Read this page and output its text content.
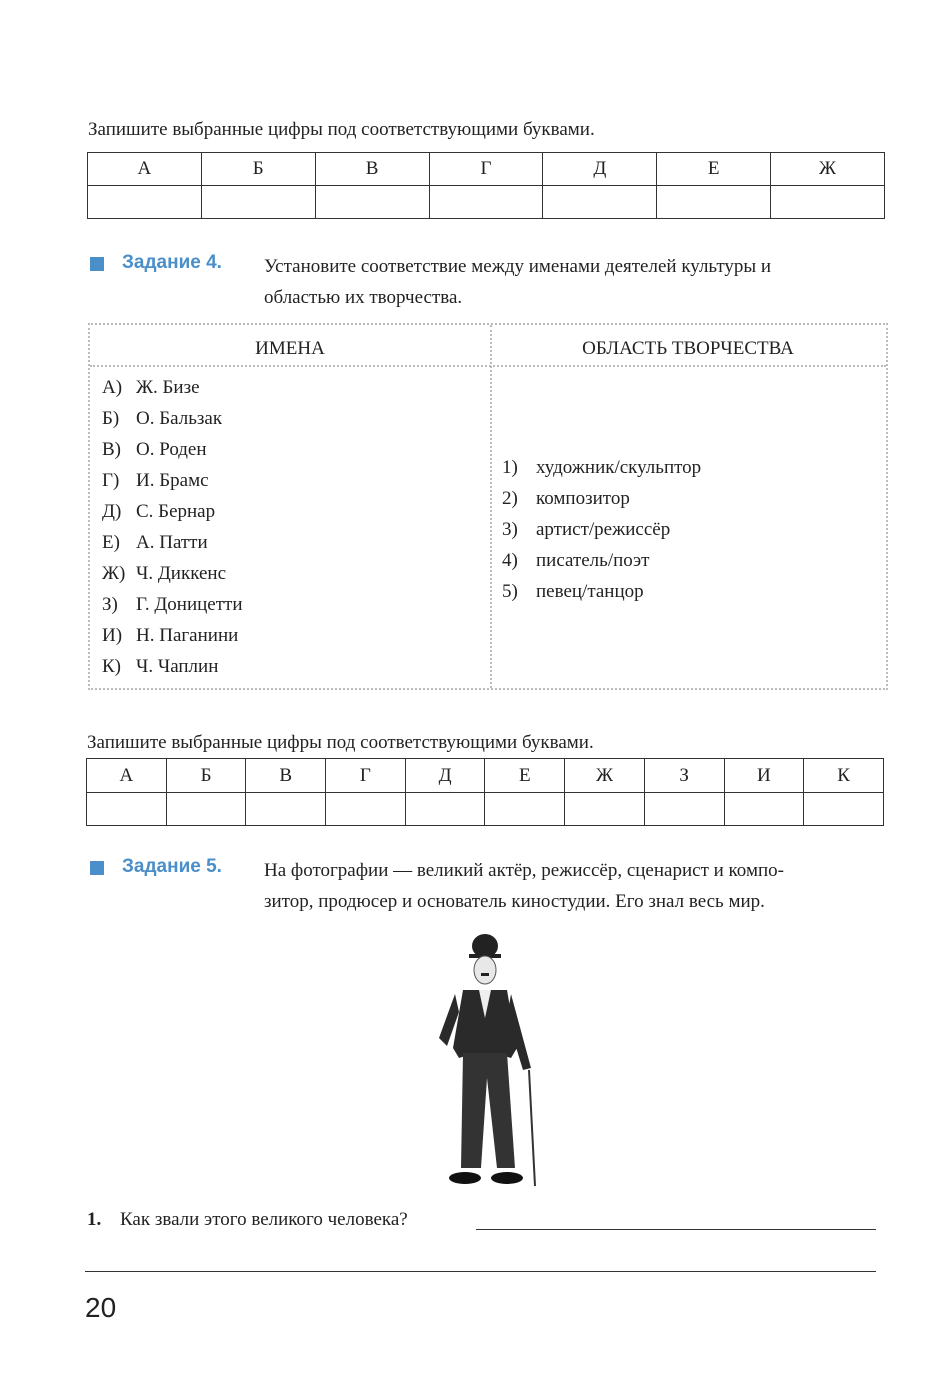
Запишите выбранные цифры под соответствующими буквами.
А	Б	В	Г	Д	Е	Ж

Задание 4. Установите соответствие между именами деятелей культуры и
областью их творчества.
ИМЕНА	ОБЛАСТЬ ТВОРЧЕСТВА
А) Ж. Бизе
Б) О. Бальзак
В) О. Роден
Г) И. Брамс
Д) С. Бернар
Е) А. Патти
Ж) Ч. Диккенс
З) Г. Доницетти
И) Н. Паганини
К) Ч. Чаплин
1) художник/скульптор
2) композитор
3) артист/режиссёр
4) писатель/поэт
5) певец/танцор
Запишите выбранные цифры под соответствующими буквами.
А	Б	В	Г	Д	Е	Ж	З	И	К

Задание 5. На фотографии — великий актёр, режиссёр, сценарист и компо-
зитор, продюсер и основатель киностудии. Его знал весь мир.
1. Как звали этого великого человека?
20
